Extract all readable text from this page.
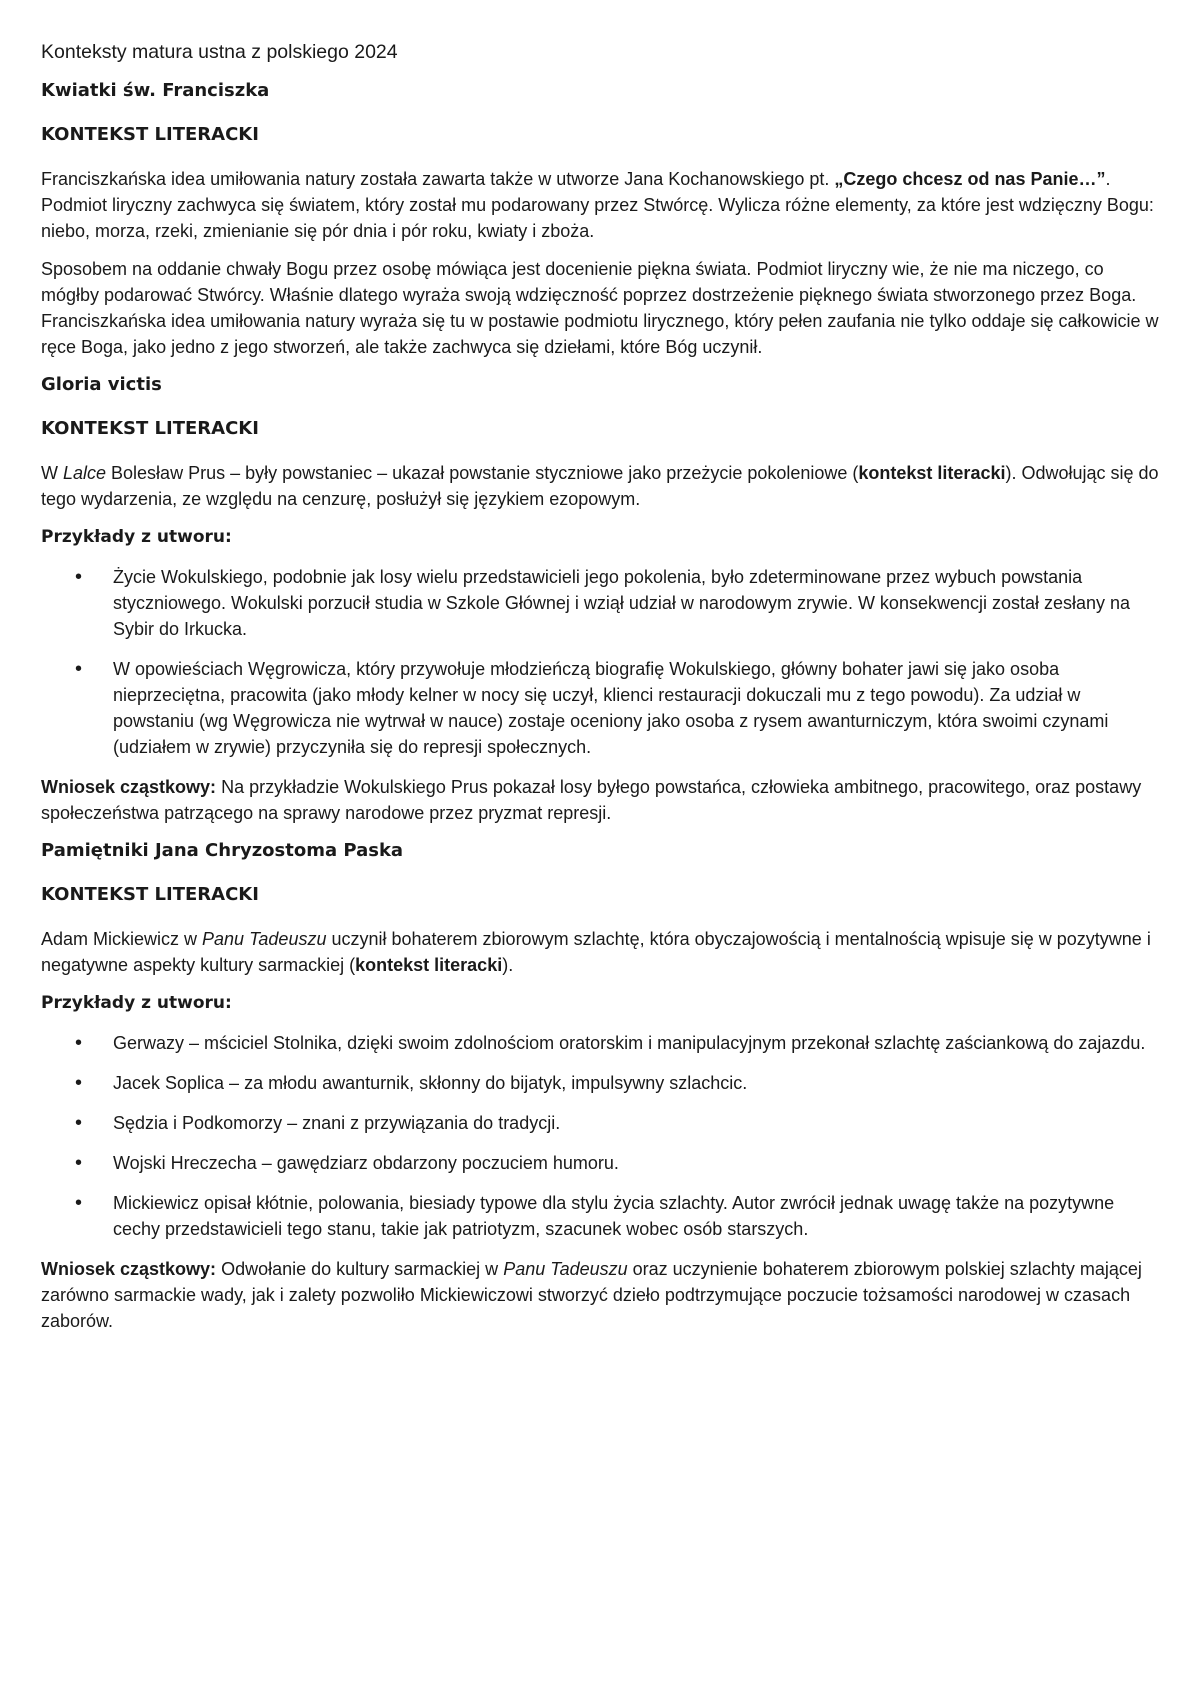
Konteksty matura ustna z polskiego 2024
Kwiatki św. Franciszka
KONTEKST LITERACKI

Franciszkańska idea umiłowania natury została zawarta także w utworze Jana Kochanowskiego pt. „Czego chcesz od nas Panie…”. Podmiot liryczny zachwyca się światem, który został mu podarowany przez Stwórcę. Wylicza różne elementy, za które jest wdzięczny Bogu: niebo, morza, rzeki, zmienianie się pór dnia i pór roku, kwiaty i zboża.

Sposobem na oddanie chwały Bogu przez osobę mówiąca jest docenienie piękna świata. Podmiot liryczny wie, że nie ma niczego, co mógłby podarować Stwórcy. Właśnie dlatego wyraża swoją wdzięczność poprzez dostrzeżenie pięknego świata stworzonego przez Boga. Franciszkańska idea umiłowania natury wyraża się tu w postawie podmiotu lirycznego, który pełen zaufania nie tylko oddaje się całkowicie w ręce Boga, jako jedno z jego stworzeń, ale także zachwyca się dziełami, które Bóg uczynił.

Gloria victis
KONTEKST LITERACKI

W Lalce Bolesław Prus – były powstaniec – ukazał powstanie styczniowe jako przeżycie pokoleniowe (kontekst literacki). Odwołując się do tego wydarzenia, ze względu na cenzurę, posłużył się językiem ezopowym.

Przykłady z utworu:
• Życie Wokulskiego, podobnie jak losy wielu przedstawicieli jego pokolenia, było zdeterminowane przez wybuch powstania styczniowego. Wokulski porzucił studia w Szkole Głównej i wziął udział w narodowym zrywie. W konsekwencji został zesłany na Sybir do Irkucka.
• W opowieściach Węgrowicza, który przywołuje młodzieńczą biografię Wokulskiego, główny bohater jawi się jako osoba nieprzeciętna, pracowita (jako młody kelner w nocy się uczył, klienci restauracji dokuczali mu z tego powodu). Za udział w powstaniu (wg Węgrowicza nie wytrwał w nauce) zostaje oceniony jako osoba z rysem awanturniczym, która swoimi czynami (udziałem w zrywie) przyczyniła się do represji społecznych.

Wniosek cząstkowy: Na przykładzie Wokulskiego Prus pokazał losy byłego powstańca, człowieka ambitnego, pracowitego, oraz postawy społeczeństwa patrzącego na sprawy narodowe przez pryzmat represji.

Pamiętniki Jana Chryzostoma Paska
KONTEKST LITERACKI

Adam Mickiewicz w Panu Tadeuszu uczynił bohaterem zbiorowym szlachtę, która obyczajowością i mentalnością wpisuje się w pozytywne i negatywne aspekty kultury sarmackiej (kontekst literacki).

Przykłady z utworu:
• Gerwazy – mściciel Stolnika, dzięki swoim zdolnościom oratorskim i manipulacyjnym przekonał szlachtę zaściankową do zajazdu.
• Jacek Soplica – za młodu awanturnik, skłonny do bijatyk, impulsywny szlachcic.
• Sędzia i Podkomorzy – znani z przywiązania do tradycji.
• Wojski Hreczecha – gawędziarz obdarzony poczuciem humoru.
• Mickiewicz opisał kłótnie, polowania, biesiady typowe dla stylu życia szlachty. Autor zwrócił jednak uwagę także na pozytywne cechy przedstawicieli tego stanu, takie jak patriotyzm, szacunek wobec osób starszych.

Wniosek cząstkowy: Odwołanie do kultury sarmackiej w Panu Tadeuszu oraz uczynienie bohaterem zbiorowym polskiej szlachty mającej zarówno sarmackie wady, jak i zalety pozwoliło Mickiewiczowi stworzyć dzieło podtrzymujące poczucie tożsamości narodowej w czasach zaborów.
